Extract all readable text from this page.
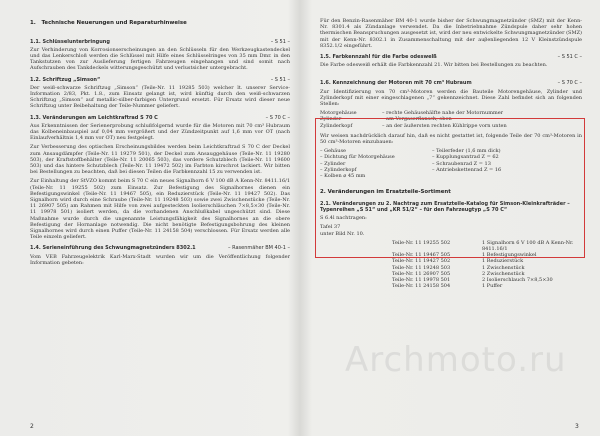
1. Technische Neuerungen und Reparaturhinweise
1.1. Schlüsselunterbringung	– S 51 –
Zur Verhinderung von Korrosionserscheinungen an den Schlüsseln für den Werkzeugkastendeckel und das Lenkerschloß werden die Schlüssel mit Hilfe eines Schlüsselringes von 35 mm Dmr. in den Tankstutzen von zur Auslieferung fertigen Fahrzeugen eingehangen und sind somit nach Aufschrauben des Tankdeckels witterungsgeschützt und verlustsicher untergebracht.
1.2. Schriftzug „Simson“	– S 51 –
Der weiß-schwarze Schriftzug „Simson“ (Teile-Nr. 11 19285 503) welcher lt. unserer Service-Information 2/83, Pkt. 1.8., zum Einsatz gelangt ist, wird künftig durch den weiß-schwarzen Schriftzug „Simson“ auf metallic-silber-farbigen Untergrund ersetzt. Für Ersatz wird dieser neue Schriftzug unter Beibehaltung der Teile-Nummer geliefert.
1.3. Veränderungen am Leichtkraftrad S 70 C	– S 70 C –
Aus Erkenntnissen der Serienerprobung schlußfolgernd wurde für die Motoren mit 70 cm³ Hubraum das Kolbeneinbauspiel auf 0,04 mm vergrößert und der Zündzeitpunkt auf 1,6 mm vor OT (nach Einlaufverhältnis 1,4 mm vor OT) neu festgelegt.
Zur Verbesserung des optischen Erscheinungsbildes werden beim Leichtkraftrad S 70 C der Deckel zum Ansaugdämpfer (Teile-Nr. 11 19279 501), der Deckel zum Ansauggehäuse (Teile-Nr. 11 19280 503), der Kraftstoffbehälter (Teile-Nr. 11 20065 503), das vordere Schutzblech (Teile-Nr. 11 19600 503) und das hintere Schutzblech (Teile-Nr. 11 19472 502) im Farbton kirschrot lackiert. Wir bitten bei Bestellungen zu beachten, daß bei diesen Teilen die Farbkennzahl 15 zu verwenden ist.
Zur Einhaltung der StVZO kommt beim S 70 C ein neues Signalhorn 6 V 100 dB A Kenn-Nr. 8411.16/1 (Teile-Nr. 11 19255 502) zum Einsatz. Zur Befestigung des Signalhornes dienen ein Befestigungswinkel (Teile-Nr. 11 19467 505), ein Reduzierstück (Teile-Nr. 11 19427 502). Das Signalhorn wird durch eine Schraube (Teile-Nr. 11 19248 503) sowie zwei Zwischenstücke (Teile-Nr. 11 26907 505) am Rahmen mit Hilfe von zwei aufgesteckten Isolierschläuchen 7×8,5×30 (Teile-Nr. 11 19978 501) isoliert werden, da die vorhandenen Anschlußkabel ungeschützt sind. Diese Maßnahme wurde durch die ungenannte Leistungsfähigkeit des Signalhornes an die obere Befestigung der Hornanlage notwendig. Die nicht benötigte Befestigungsbohrung des kleinen Signalhornes wird durch einen Puffer (Teile-Nr. 11 24158 504) verschlossen. Für Ersatz werden alle Teile einzeln geliefert.
1.4. Serieneinführung des Schwungmagnetzünders 8302.1	– Rasenmäher BM 40-1 –
Vom VEB Fahrzeugelektrik Karl-Marx-Stadt wurden wir um die Veröffentlichung folgender Information gebeten:
Für den Benzin-Rasenmäher BM 40-1 wurde bisher der Schwungmagnetzünder (SMZ) mit der Kenn-Nr. 8301.4 als Zündanlage verwendet. Da die Inbetriebnahme Zündspule daher sehr hohen thermischen Beanspruchungen ausgesetzt ist, wird der neu entwickelte Schwungmagnetzünder (SMZ) mit der Kenn-Nr. 8302.1 in Zusammenschaltung mit der auβenliegenden 12 V Kleinstzündspule 8352.1/2 eingeführt.
1.5. Farbkennzahl für die Farbe odeswelß	– S 51 C –
Die Farbe odesweiß erhält die Farbkennzahl 21. Wir bitten bei Bestellungen zu beachten.
1.6. Kennzeichnung der Motoren mit 70 cm³ Hubraum	– S 70 C –
Zur Identifizierung von 70 cm³-Motoren werden die Bauteile Motorengehäuse, Zylinder und Zylinderkopf mit einer eingeschlagenen „7“ gekennzeichnet. Diese Zahl befindet sich an folgenden Stellen:
Motorgehäuse	– rechte Gehäusehälfte nahe der Motornummer
Zylinder	– am Vergaserflansch, oben
Zylinderkopf	– an der äußersten rechten Kühlrippe vorn unten
Wir weisen nachdrücklich darauf hin, daß es nicht gestattet ist, folgende Teile der 70 cm³-Motoren in 50 cm³-Motoren einzubauen:
– Gehäuse	– Teilerfeder (1,6 mm dick)
– Dichtung für Motorgehäuse	– Kupplungsantrad Z = 62
– Zylinder	– Schraubenrad Z = 13
– Zylinderkopf	– Antriebskettenrad Z = 16
– Kolben ⌀ 45 mm
2. Veränderungen im Ersatzteile-Sortiment
2.1. Veränderungen zu 2. Nachtrag zum Ersatzteile-Katalog für Simson-Kleinkrafträder – Typenreihen „S 51“ und „KR 51/2“ – für den Fahrzeugtyp „S 70 C“
S 6.4l nachtragen:
Tafel 37
unter Bild Nr. 10.
Teile-Nr. 11 19255 502	1 Signalhorn 6 V 100 dB A Kenn-Nr. 8411.16/1
Teile-Nr. 11 19467 505	1 Befestigungswinkel
Teile-Nr. 11 19427 502	1 Reduzierstück
Teile-Nr. 11 19248 503	1 Zwischenstück
Teile-Nr. 11 26907 505	2 Zwischenstück
Teile-Nr. 11 19978 501	2 Isolierschlauch 7×8,5×30
Teile-Nr. 11 24158 504	1 Puffer
Archmoto.ru
2	3
